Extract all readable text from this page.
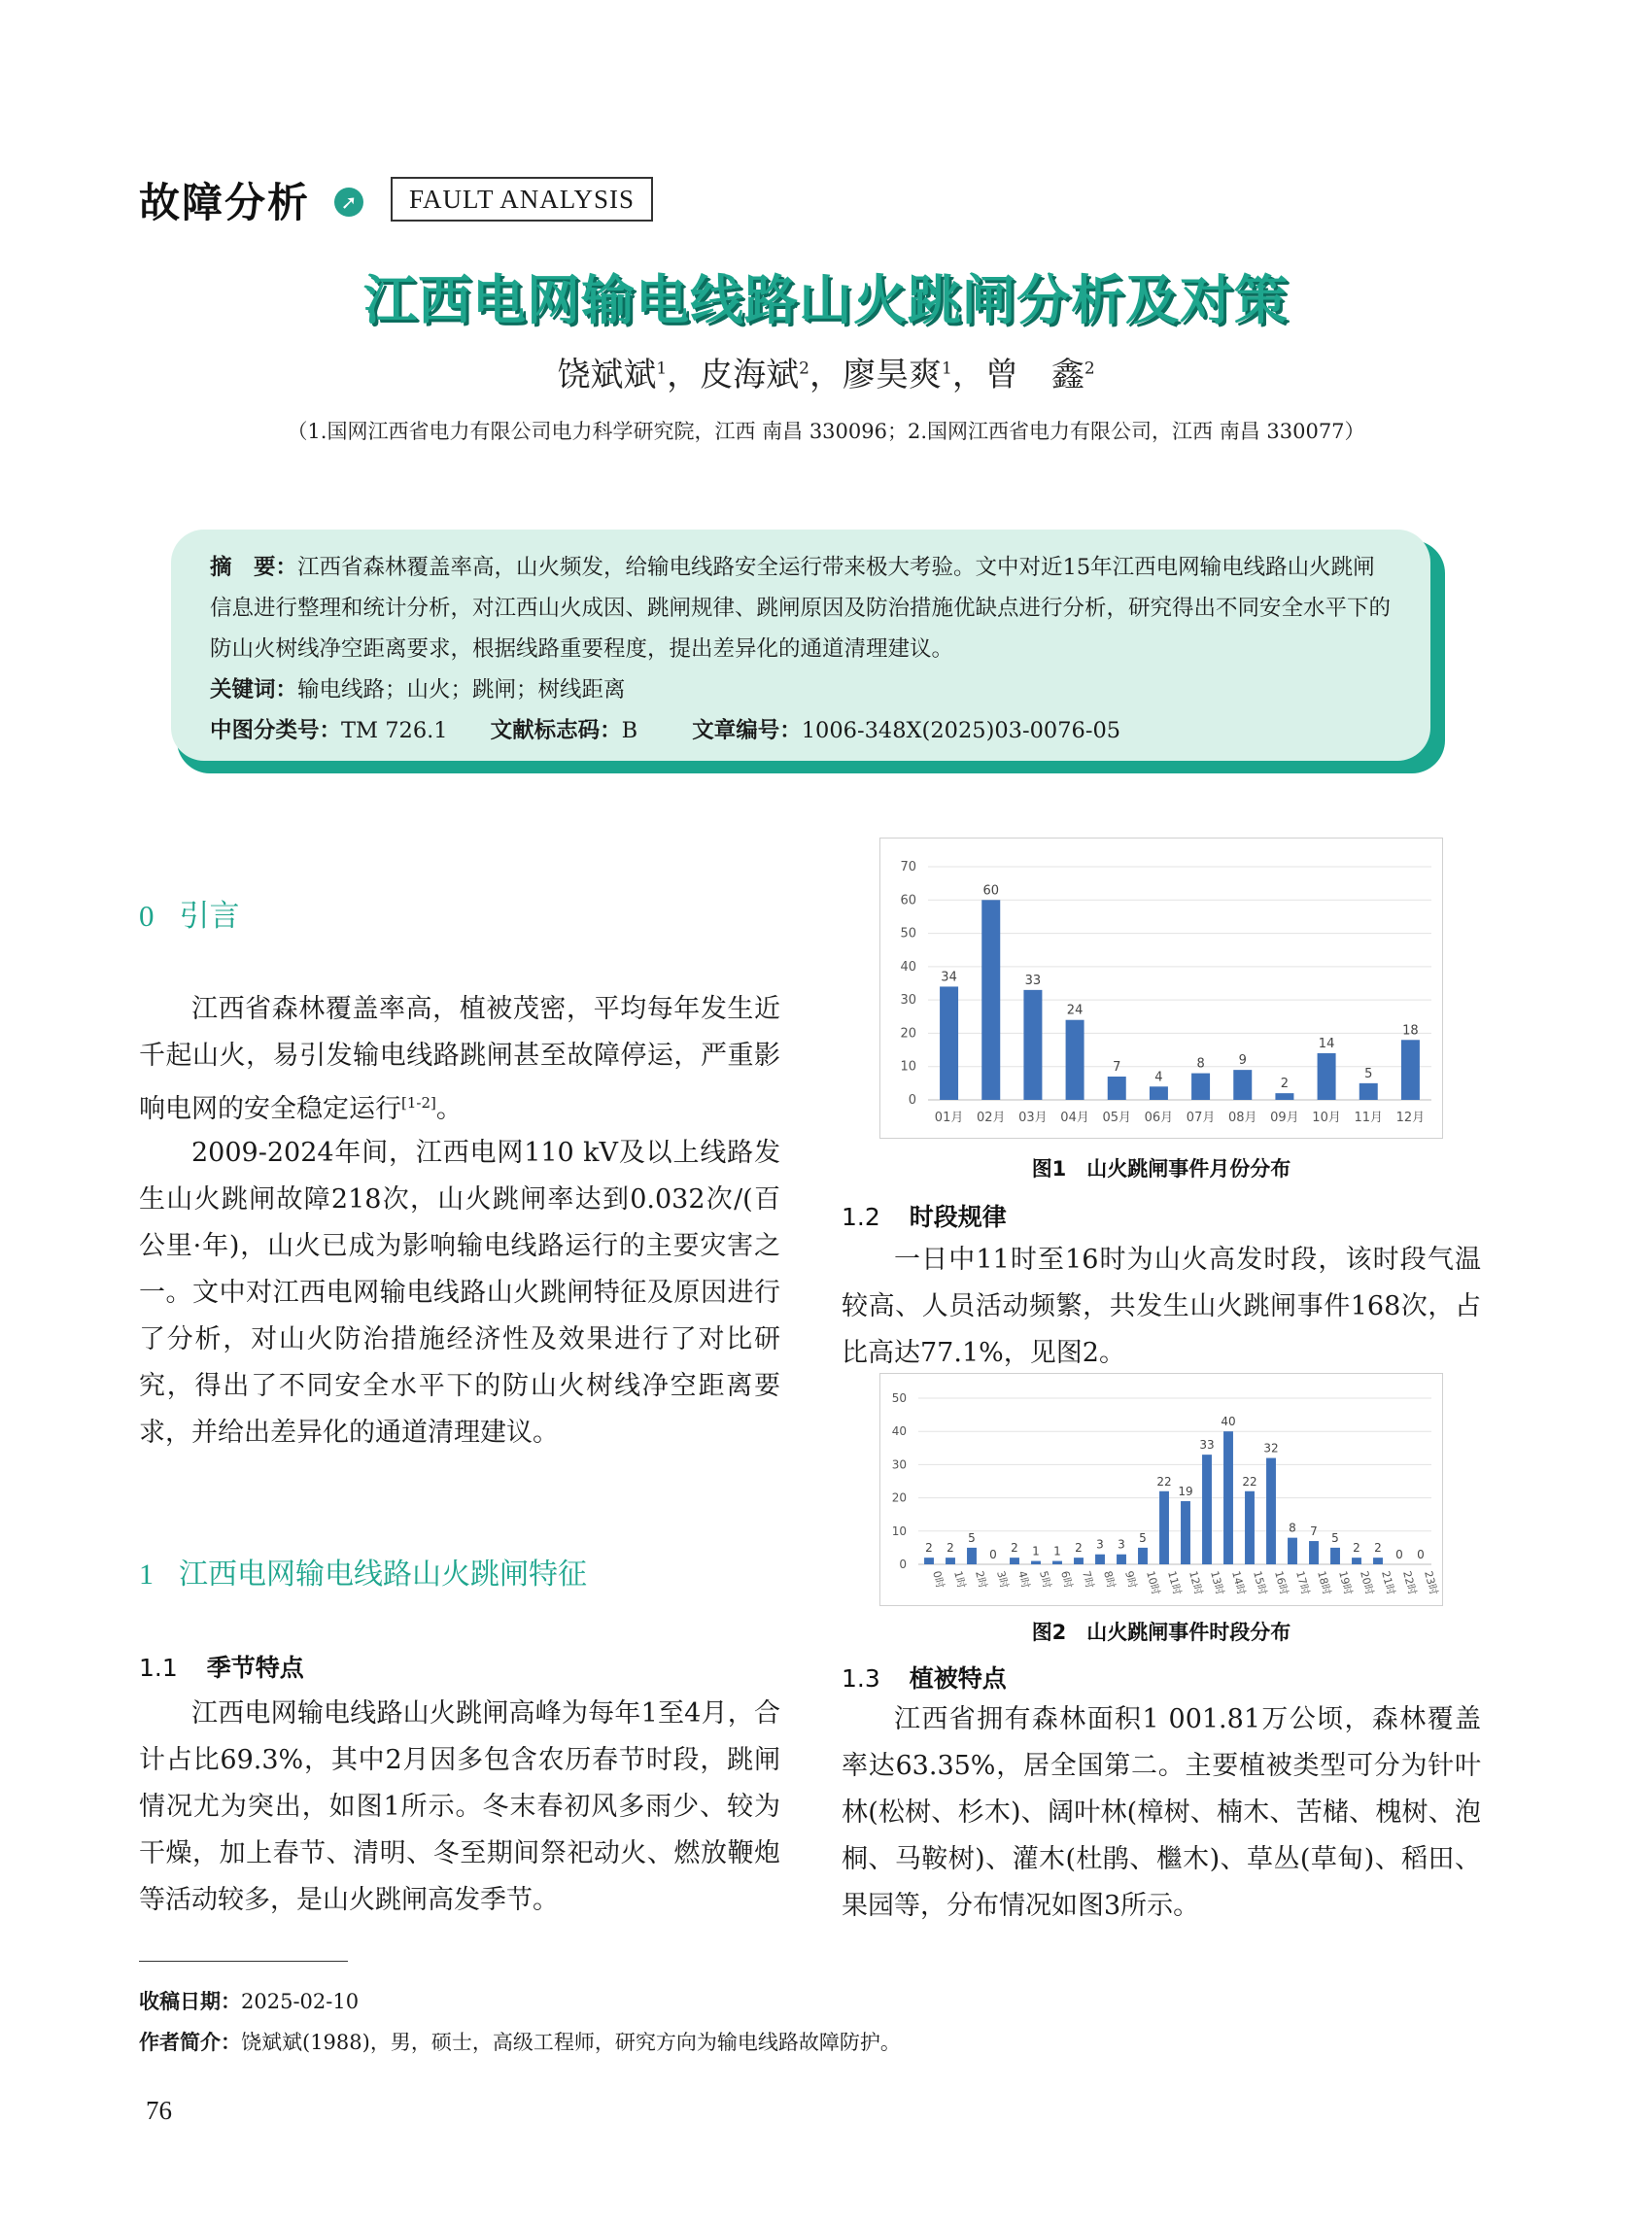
故障分析	➚	FAULT ANALYSIS
江西电网输电线路山火跳闸分析及对策
饶斌斌$^1$，皮海斌$^2$，廖昊爽$^1$，曾　鑫$^2$
（1.国网江西省电力有限公司电力科学研究院，江西 南昌 330096；2.国网江西省电力有限公司，江西 南昌 330077）
摘　要：江西省森林覆盖率高，山火频发，给输电线路安全运行带来极大考验。文中对近15年江西电网输电线路山火跳闸信息进行整理和统计分析，对江西山火成因、跳闸规律、跳闸原因及防治措施优缺点进行分析，研究得出不同安全水平下的防山火树线净空距离要求，根据线路重要程度，提出差异化的通道清理建议。
关键词：输电线路；山火；跳闸；树线距离
中图分类号：TM 726.1 文献标志码：B 文章编号：1006-348X(2025)03-0076-05
0 引言
江西省森林覆盖率高，植被茂密，平均每年发生近千起山火，易引发输电线路跳闸甚至故障停运，严重影响电网的安全稳定运行[1-2]。
2009-2024年间，江西电网110 kV及以上线路发生山火跳闸故障218次，山火跳闸率达到0.032次/(百公里·年)，山火已成为影响输电线路运行的主要灾害之一。文中对江西电网输电线路山火跳闸特征及原因进行了分析，对山火防治措施经济性及效果进行了对比研究，得出了不同安全水平下的防山火树线净空距离要求，并给出差异化的通道清理建议。
1 江西电网输电线路山火跳闸特征
1.1 季节特点
江西电网输电线路山火跳闸高峰为每年1至4月，合计占比69.3%，其中2月因多包含农历春节时段，跳闸情况尤为突出，如图1所示。冬末春初风多雨少、较为干燥，加上春节、清明、冬至期间祭祀动火、燃放鞭炮等活动较多，是山火跳闸高发季节。
0
10
20
30
40
50
60
70
34
60
33
24
7
4
8	9
2
14
5
18
01月 02月 03月 04月 05月 06月 07月 08月 09月 10月 11月 12月
图1　山火跳闸事件月份分布
1.2 时段规律
一日中11时至16时为山火高发时段，该时段气温较高、人员活动频繁，共发生山火跳闸事件168次，占比高达77.1%，见图2。
0
10
20
30
40
50
2 2
5
0 2 1 1 2 3 3 5
22
19
33
40
22
32
8 7 5
2 2 0 0
0时 1时 2时 3时 4时 5时 6时 7时 8时 9时 10时 11时 12时 13时 14时 15时 16时 17时 18时 19时 20时 21时 22时 23时
图2　山火跳闸事件时段分布
1.3 植被特点
江西省拥有森林面积1 001.81万公顷，森林覆盖率达63.35%，居全国第二。主要植被类型可分为针叶林(松树、杉木)、阔叶林(樟树、楠木、苦槠、槐树、泡桐、马鞍树)、灌木(杜鹃、檵木)、草丛(草甸)、稻田、果园等，分布情况如图3所示。
收稿日期：2025-02-10
作者简介：饶斌斌(1988)，男，硕士，高级工程师，研究方向为输电线路故障防护。
76
